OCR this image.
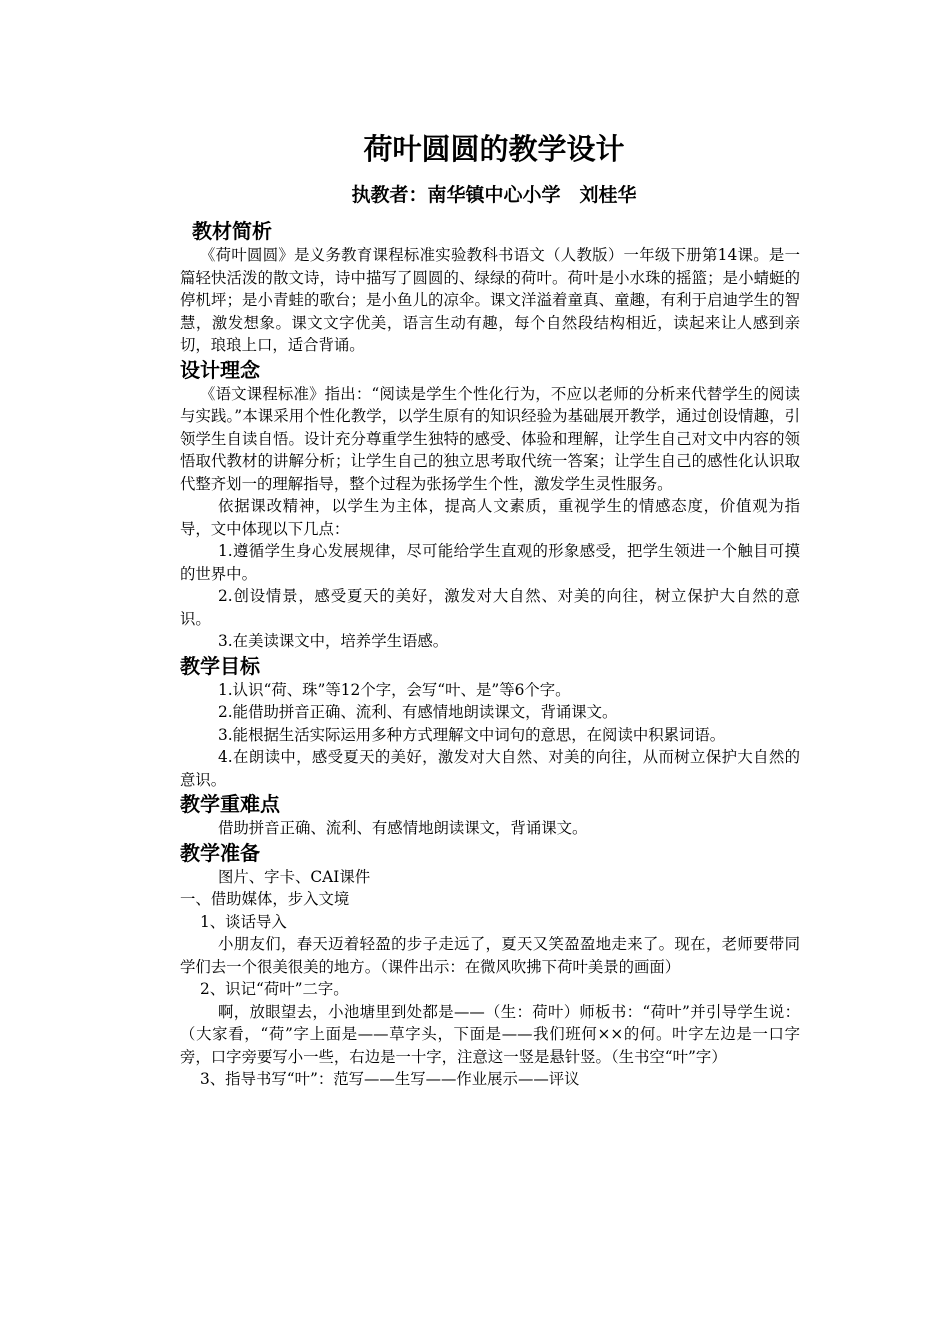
荷叶圆圆的教学设计
执教者：南华镇中心小学　刘桂华
教材简析

《荷叶圆圆》是义务教育课程标准实验教科书语文（人教版）一年级下册第14课。是一篇轻快活泼的散文诗，诗中描写了圆圆的、绿绿的荷叶。荷叶是小水珠的摇篮；是小蜻蜓的停机坪；是小青蛙的歌台；是小鱼儿的凉伞。课文洋溢着童真、童趣，有利于启迪学生的智慧，激发想象。课文文字优美，语言生动有趣，每个自然段结构相近，读起来让人感到亲切，琅琅上口，适合背诵。

设计理念

《语文课程标准》指出：“阅读是学生个性化行为，不应以老师的分析来代替学生的阅读与实践。”本课采用个性化教学，以学生原有的知识经验为基础展开教学，通过创设情趣，引领学生自读自悟。设计充分尊重学生独特的感受、体验和理解，让学生自己对文中内容的领悟取代教材的讲解分析；让学生自己的独立思考取代统一答案；让学生自己的感性化认识取代整齐划一的理解指导，整个过程为张扬学生个性，激发学生灵性服务。

依据课改精神，以学生为主体，提高人文素质，重视学生的情感态度，价值观为指导，文中体现以下几点：

1.遵循学生身心发展规律，尽可能给学生直观的形象感受，把学生领进一个触目可摸的世界中。

2.创设情景，感受夏天的美好，激发对大自然、对美的向往，树立保护大自然的意识。

3.在美读课文中，培养学生语感。

教学目标

1.认识“荷、珠”等12个字，会写“叶、是”等6个字。

2.能借助拼音正确、流利、有感情地朗读课文，背诵课文。

3.能根据生活实际运用多种方式理解文中词句的意思，在阅读中积累词语。

4.在朗读中，感受夏天的美好，激发对大自然、对美的向往，从而树立保护大自然的意识。

教学重难点

借助拼音正确、流利、有感情地朗读课文，背诵课文。

教学准备

图片、字卡、CAI课件

一、借助媒体，步入文境

1、谈话导入

小朋友们，春天迈着轻盈的步子走远了，夏天又笑盈盈地走来了。现在，老师要带同学们去一个很美很美的地方。（课件出示：在微风吹拂下荷叶美景的画面）

2、识记“荷叶”二字。

啊，放眼望去，小池塘里到处都是——（生：荷叶）师板书：“荷叶”并引导学生说：（大家看，“荷”字上面是——草字头，下面是——我们班何××的何。叶字左边是一口字旁，口字旁要写小一些，右边是一十字，注意这一竖是悬针竖。（生书空“叶”字）

3、指导书写“叶”：范写——生写——作业展示——评议
